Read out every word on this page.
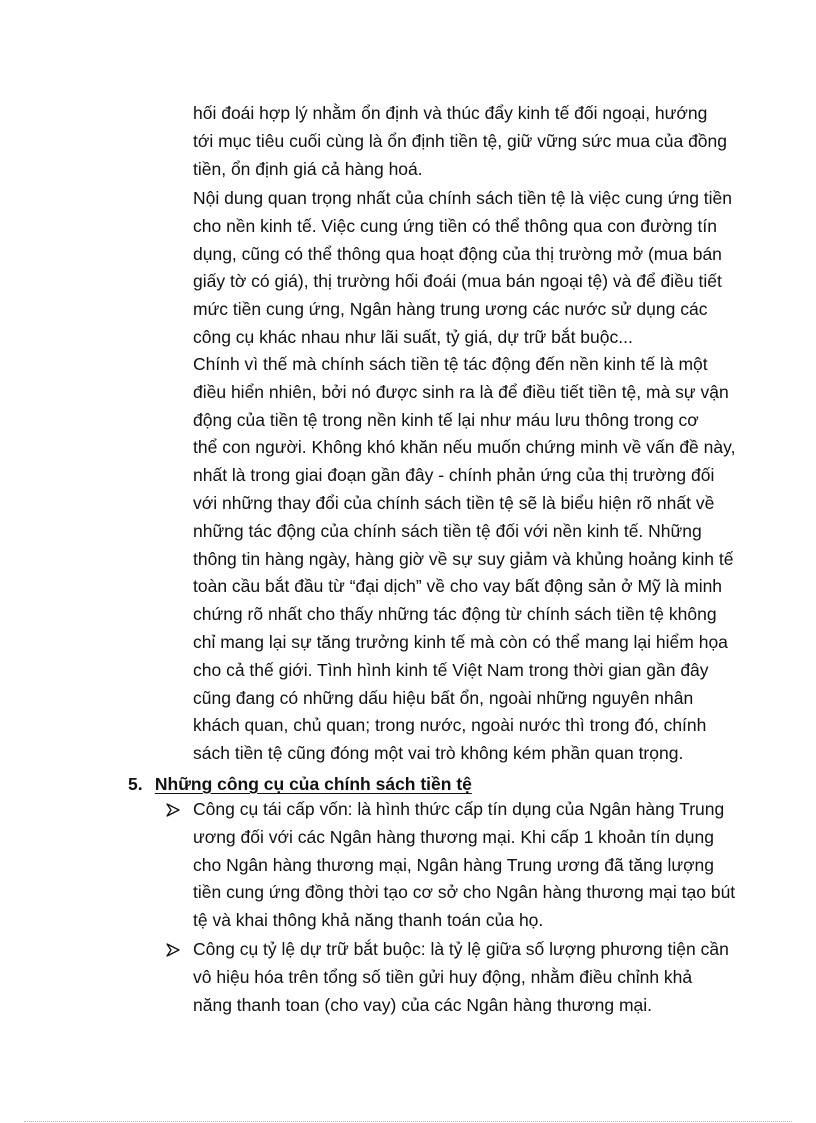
hối đoái hợp lý nhằm ổn định và thúc đẩy kinh tế đối ngoại, hướng
tới mục tiêu cuối cùng là ổn định tiền tệ, giữ vững sức mua của đồng
tiền, ổn định giá cả hàng hoá.
Nội dung quan trọng nhất của chính sách tiền tệ là việc cung ứng tiền
cho nền kinh tế. Việc cung ứng tiền có thể thông qua con đường tín
dụng, cũng có thể thông qua hoạt động của thị trường mở (mua bán
giấy tờ có giá), thị trường hối đoái (mua bán ngoại tệ) và để điều tiết
mức tiền cung ứng, Ngân hàng trung ương các nước sử dụng các
công cụ khác nhau như lãi suất, tỷ giá, dự trữ bắt buộc...
Chính vì thế mà chính sách tiền tệ tác động đến nền kinh tế là một
điều hiển nhiên, bởi nó được sinh ra là để điều tiết tiền tệ, mà sự vận
động của tiền tệ trong nền kinh tế lại như máu lưu thông trong cơ
thể con người. Không khó khăn nếu muốn chứng minh về vấn đề này,
nhất là trong giai đoạn gần đây - chính phản ứng của thị trường đối
với những thay đổi của chính sách tiền tệ sẽ là biểu hiện rõ nhất về
những tác động của chính sách tiền tệ đối với nền kinh tế. Những
thông tin hàng ngày, hàng giờ về sự suy giảm và khủng hoảng kinh tế
toàn cầu bắt đầu từ “đại dịch” về cho vay bất động sản ở Mỹ là minh
chứng rõ nhất cho thấy những tác động từ chính sách tiền tệ không
chỉ mang lại sự tăng trưởng kinh tế mà còn có thể mang lại hiểm họa
cho cả thế giới. Tình hình kinh tế Việt Nam trong thời gian gần đây
cũng đang có những dấu hiệu bất ổn, ngoài những nguyên nhân
khách quan, chủ quan; trong nước, ngoài nước thì trong đó, chính
sách tiền tệ cũng đóng một vai trò không kém phần quan trọng.
5. Những công cụ của chính sách tiền tệ
Công cụ tái cấp vốn: là hình thức cấp tín dụng của Ngân hàng Trung
ương đối với các Ngân hàng thương mại. Khi cấp 1 khoản tín dụng
cho Ngân hàng thương mại, Ngân hàng Trung ương đã tăng lượng
tiền cung ứng đồng thời tạo cơ sở cho Ngân hàng thương mại tạo bút
tệ và khai thông khả năng thanh toán của họ.
Công cụ tỷ lệ dự trữ bắt buộc: là tỷ lệ giữa số lượng phương tiện cần
vô hiệu hóa trên tổng số tiền gửi huy động, nhằm điều chỉnh khả
năng thanh toan (cho vay) của các Ngân hàng thương mại.
